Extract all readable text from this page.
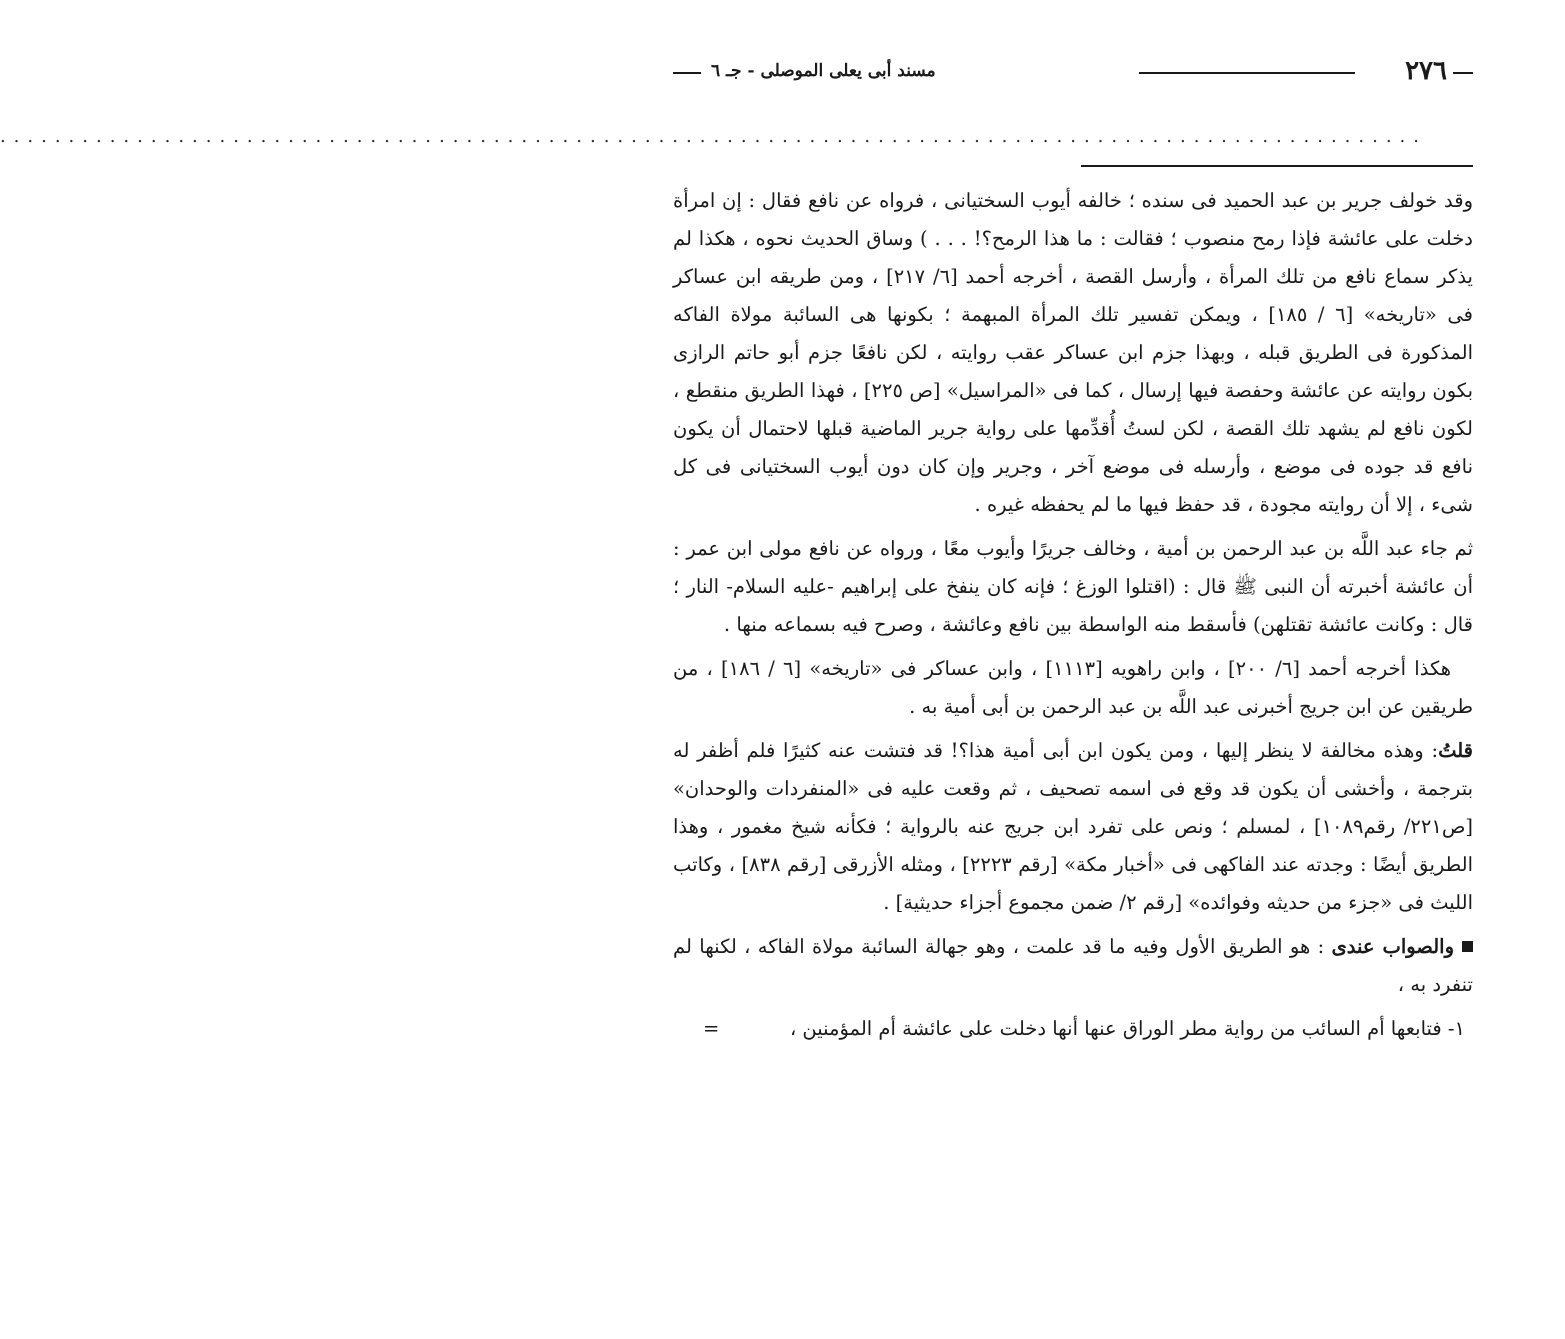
٢٧٦
مسند أبى يعلى الموصلى - جـ ٦
........................................................................................................

وقد خولف جرير بن عبد الحميد فى سنده ؛ خالفه أيوب السختيانى ، فرواه عن نافع فقال : إن امرأة دخلت على عائشة فإذا رمح منصوب ؛ فقالت : ما هذا الرمح؟! . . . ) وساق الحديث نحوه ، هكذا لم يذكر سماع نافع من تلك المرأة ، وأرسل القصة ، أخرجه أحمد [٦/ ٢١٧] ، ومن طريقه ابن عساكر فى «تاريخه» [٦ / ١٨٥] ، ويمكن تفسير تلك المرأة المبهمة ؛ بكونها هى السائبة مولاة الفاكه المذكورة فى الطريق قبله ، وبهذا جزم ابن عساكر عقب روايته ، لكن نافعًا جزم أبو حاتم الرازى بكون روايته عن عائشة وحفصة فيها إرسال ، كما فى «المراسيل» [ص ٢٢٥] ، فهذا الطريق منقطع ، لكون نافع لم يشهد تلك القصة ، لكن لستُ أُقدِّمها على رواية جرير الماضية قبلها لاحتمال أن يكون نافع قد جوده فى موضع ، وأرسله فى موضع آخر ، وجرير وإن كان دون أيوب السختيانى فى كل شىء ، إلا أن روايته مجودة ، قد حفظ فيها ما لم يحفظه غيره .

ثم جاء عبد اللَّه بن عبد الرحمن بن أمية ، وخالف جريرًا وأيوب معًا ، ورواه عن نافع مولى ابن عمر : أن عائشة أخبرته أن النبى ﷺ قال : (اقتلوا الوزغ ؛ فإنه كان ينفخ على إبراهيم -عليه السلام- النار ؛ قال : وكانت عائشة تقتلهن) فأسقط منه الواسطة بين نافع وعائشة ، وصرح فيه بسماعه منها .

هكذا أخرجه أحمد [٦/ ٢٠٠] ، وابن راهويه [١١١٣] ، وابن عساكر فى «تاريخه» [٦ / ١٨٦] ، من طريقين عن ابن جريج أخبرنى عبد اللَّه بن عبد الرحمن بن أبى أمية به .

قلتُ: وهذه مخالفة لا ينظر إليها ، ومن يكون ابن أبى أمية هذا؟! قد فتشت عنه كثيرًا فلم أظفر له بترجمة ، وأخشى أن يكون قد وقع فى اسمه تصحيف ، ثم وقعت عليه فى «المنفردات والوحدان» [ص٢٢١/ رقم١٠٨٩] ، لمسلم ؛ ونص على تفرد ابن جريج عنه بالرواية ؛ فكأنه شيخ مغمور ، وهذا الطريق أيضًا : وجدته عند الفاكهى فى «أخبار مكة» [رقم ٢٢٢٣] ، ومثله الأزرقى [رقم ٨٣٨] ، وكاتب الليث فى «جزء من حديثه وفوائده» [رقم ٢/ ضمن مجموع أجزاء حديثية] .

والصواب عندى : هو الطريق الأول وفيه ما قد علمت ، وهو جهالة السائبة مولاة الفاكه ، لكنها لم تنفرد به ،

١- فتابعها أم السائب من رواية مطر الوراق عنها أنها دخلت على عائشة أم المؤمنين ،
=
